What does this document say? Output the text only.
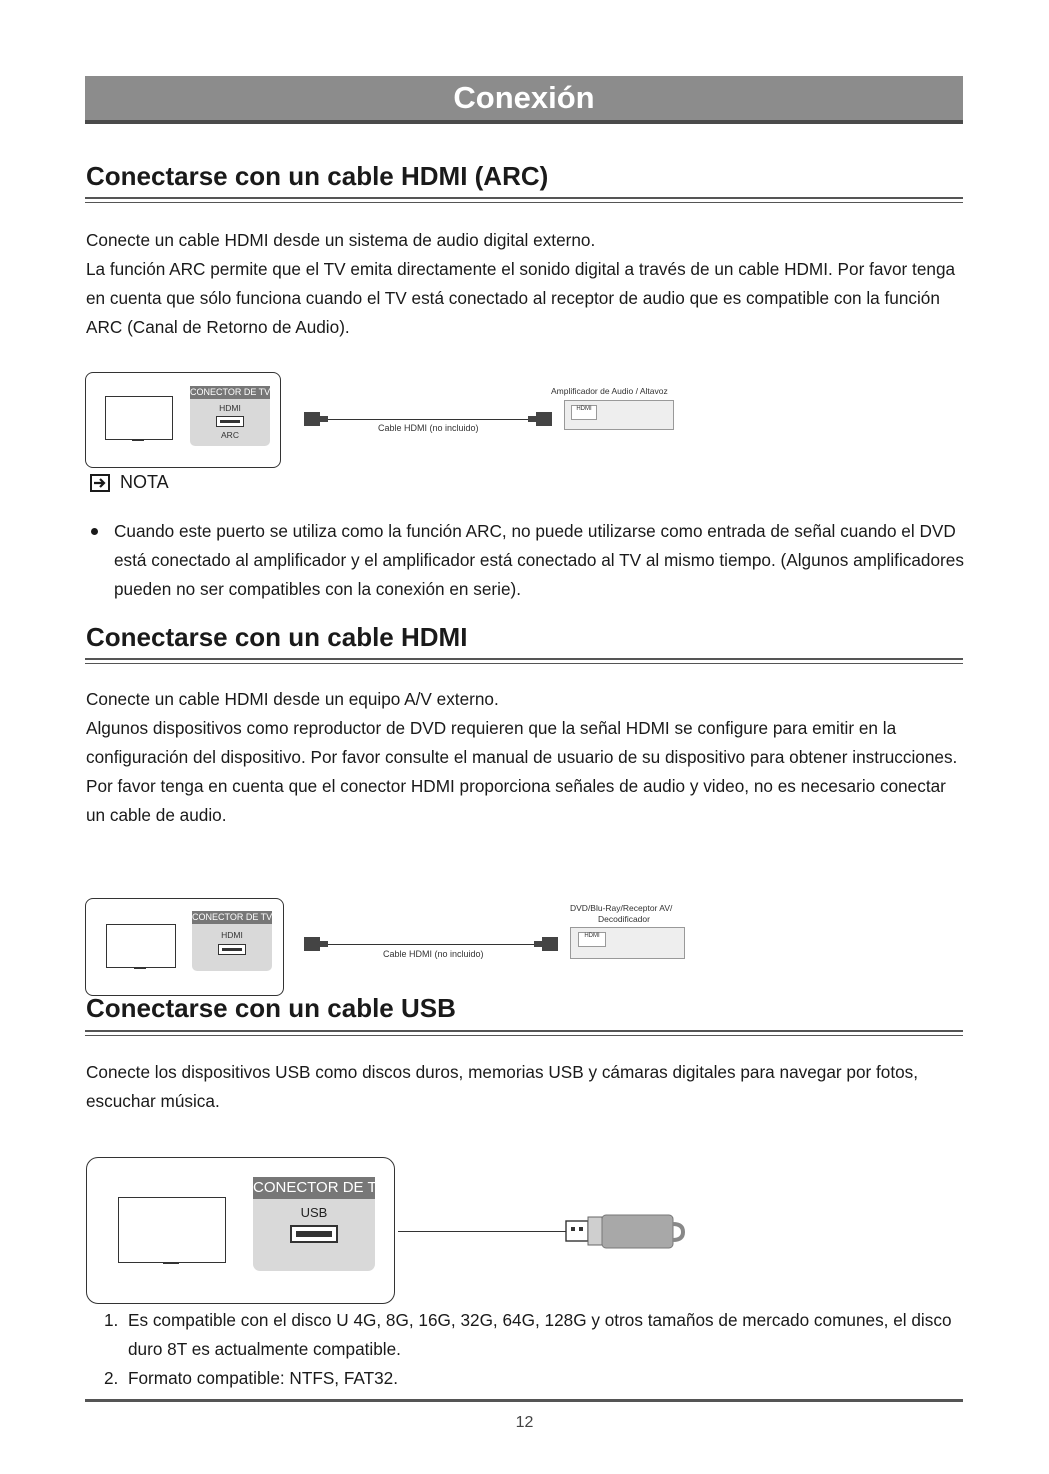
Conexión
Conectarse con un cable HDMI (ARC)

Conecte un cable HDMI desde un sistema de audio digital externo.

La función ARC permite que el TV emita directamente el sonido digital a través de un cable HDMI. Por favor tenga en cuenta que sólo funciona cuando el TV está conectado al receptor de audio que es compatible con la función ARC (Canal de Retorno de Audio).

CONECTOR DE TV
HDMI
ARC
Cable HDMI (no incluido)
Amplificador de Audio / Altavoz
HDMI
NOTA
Cuando este puerto se utiliza como la función ARC, no puede utilizarse como entrada de señal cuando el DVD está conectado al amplificador y el amplificador está conectado al TV al mismo tiempo. (Algunos amplificadores pueden no ser compatibles con la conexión en serie).
Conectarse con un cable HDMI

Conecte un cable HDMI desde un equipo A/V externo.

Algunos dispositivos como reproductor de DVD requieren que la señal HDMI se configure para emitir en la configuración del dispositivo. Por favor consulte el manual de usuario de su dispositivo para obtener instrucciones.

Por favor tenga en cuenta que el conector HDMI proporciona señales de audio y video, no es necesario conectar un cable de audio.

CONECTOR DE TV
HDMI
Cable HDMI (no incluido)
DVD/Blu-Ray/Receptor AV/
Decodificador
HDMI
Conectarse con un cable USB

Conecte los dispositivos USB como discos duros, memorias USB y cámaras digitales para navegar por fotos, escuchar música.

CONECTOR DE TV
USB
1. Es compatible con el disco U 4G, 8G, 16G, 32G, 64G, 128G y otros tamaños de mercado comunes, el disco duro 8T es actualmente compatible.
2. Formato compatible: NTFS, FAT32.
12
